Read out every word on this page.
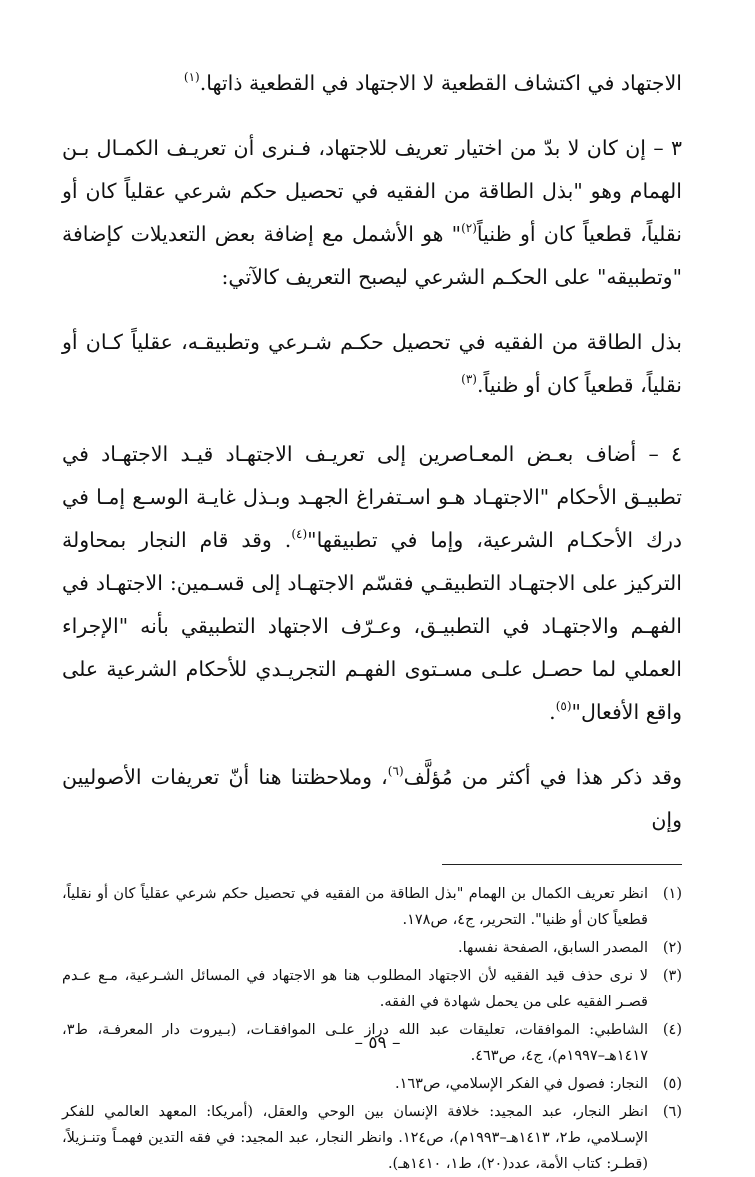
الاجتهاد في اكتشاف القطعية لا الاجتهاد في القطعية ذاتها.$^{(١)}$

٣ – إن كان لا بدّ من اختيار تعريف للاجتهاد، فـنرى أن تعريـف الكمـال بـن الهمام وهو "بذل الطاقة من الفقيه في تحصيل حكم شرعي عقلياً كان أو نقلياً، قطعياً كان أو ظنياً$^{(٢)}$" هو الأشمل مع إضافة بعض التعديلات كإضافة "وتطبيقه" على الحكـم الشرعي ليصبح التعريف كالآتي:

بذل الطاقة من الفقيه في تحصيل حكـم شـرعي وتطبيقـه، عقلياً كـان أو نقلياً، قطعياً كان أو ظنياً.$^{(٣)}$

٤ – أضاف بعـض المعـاصرين إلى تعريـف الاجتهـاد قيـد الاجتهـاد في تطبيـق الأحكام "الاجتهـاد هـو اسـتفراغ الجهـد وبـذل غايـة الوسـع إمـا في درك الأحكـام الشرعية، وإما في تطبيقها"$^{(٤)}$. وقد قام النجار بمحاولة التركيز على الاجتهـاد التطبيقـي فقسّم الاجتهـاد إلى قسـمين: الاجتهـاد في الفهـم والاجتهـاد في التطبيـق، وعـرّف الاجتهاد التطبيقي بأنه "الإجراء العملي لما حصـل علـى مسـتوى الفهـم التجريـدي للأحكام الشرعية على واقع الأفعال"$^{(٥)}$.

وقد ذكر هذا في أكثر من مُؤلَّف$^{(٦)}$، وملاحظتنا هنا أنّ تعريفات الأصوليين وإن

(١)
انظر تعريف الكمال بن الهمام "بذل الطاقة من الفقيه في تحصيل حكم شرعي عقلياً كان أو نقلياً، قطعياً كان أو ظنيا". التحرير، ج٤، ص١٧٨.
(٢)
المصدر السابق، الصفحة نفسها.
(٣)
لا نرى حذف قيد الفقيه لأن الاجتهاد المطلوب هنا هو الاجتهاد في المسائل الشـرعية، مـع عـدم قصـر الفقيه على من يحمل شهادة في الفقه.
(٤)
الشاطبي: الموافقات، تعليقات عبد الله دراز علـى الموافقـات، (بـيروت دار المعرفـة، ط٣، ١٤١٧هـ–١٩٩٧م)، ج٤، ص٤٦٣.
(٥)
النجار: فصول في الفكر الإسلامي، ص١٦٣.
(٦)
انظر النجار، عبد المجيد: خلافة الإنسان بين الوحي والعقل، (أمريكا: المعهد العالمي للفكر الإسـلامي، ط٢، ١٤١٣هـ–١٩٩٣م)، ص١٢٤. وانظر النجار، عبد المجيد: في فقه التدين فهمـاً وتنـزيلاً، (قطـر: كتاب الأمة، عدد(٢٠)، ط١، ١٤١٠هـ).
– ٥٩ –
